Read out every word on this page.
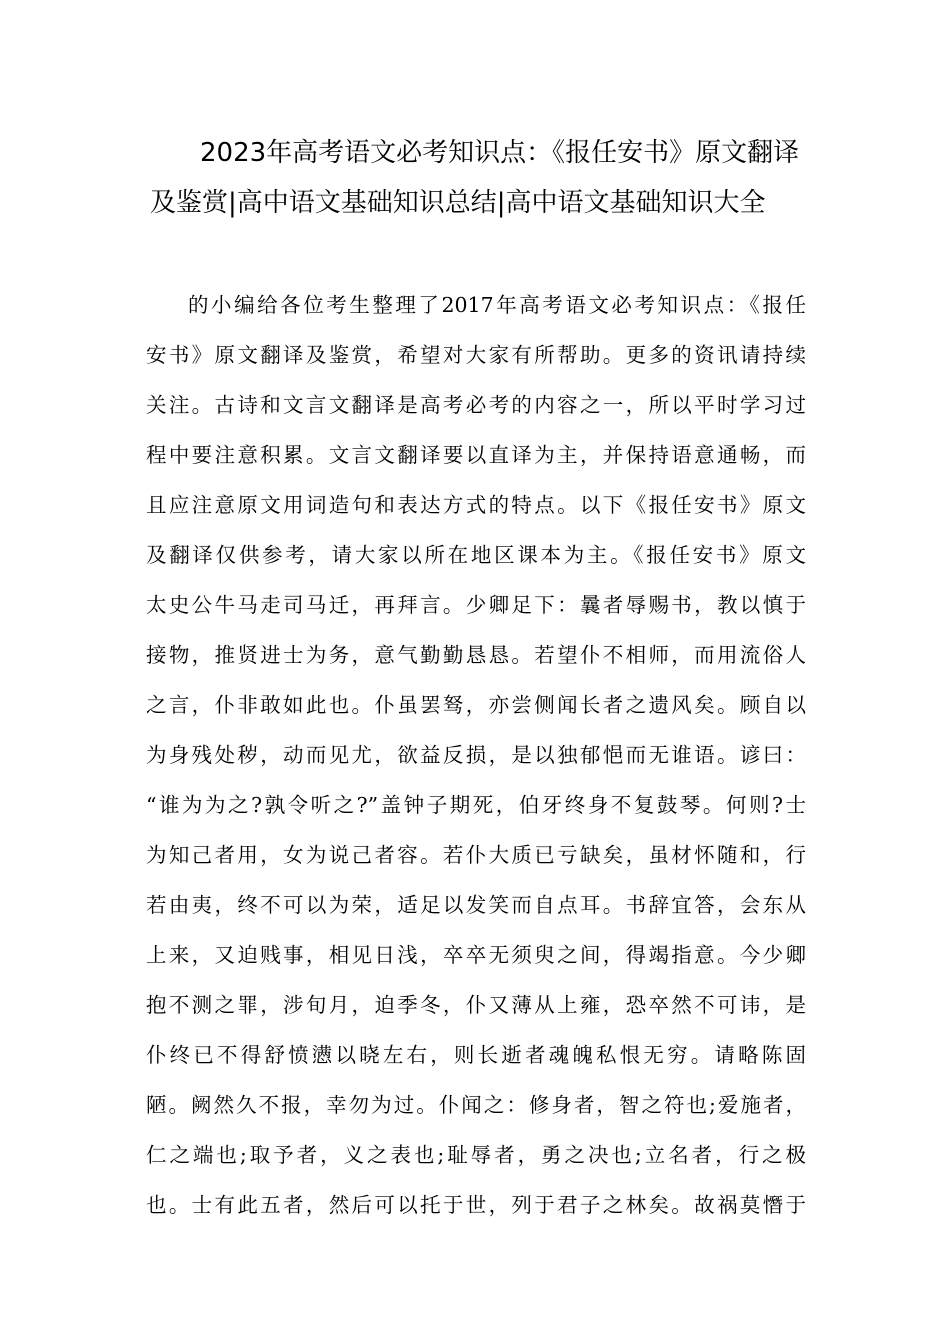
2023年高考语文必考知识点：《报任安书》原文翻译及鉴赏|高中语文基础知识总结|高中语文基础知识大全
的小编给各位考生整理了2017年高考语文必考知识点：《报任
安书》原文翻译及鉴赏，希望对大家有所帮助。更多的资讯请持续
关注。古诗和文言文翻译是高考必考的内容之一，所以平时学习过
程中要注意积累。文言文翻译要以直译为主，并保持语意通畅，而
且应注意原文用词造句和表达方式的特点。以下《报任安书》原文
及翻译仅供参考，请大家以所在地区课本为主。《报任安书》原文
太史公牛马走司马迁，再拜言。少卿足下：曩者辱赐书，教以慎于
接物，推贤进士为务，意气勤勤恳恳。若望仆不相师，而用流俗人
之言，仆非敢如此也。仆虽罢驽，亦尝侧闻长者之遗风矣。顾自以
为身残处秽，动而见尤，欲益反损，是以独郁悒而无谁语。谚曰：
“谁为为之?孰令听之?”盖钟子期死，伯牙终身不复鼓琴。何则?士
为知己者用，女为说己者容。若仆大质已亏缺矣，虽材怀随和，行
若由夷，终不可以为荣，适足以发笑而自点耳。书辞宜答，会东从
上来，又迫贱事，相见日浅，卒卒无须臾之间，得竭指意。今少卿
抱不测之罪，涉旬月，迫季冬，仆又薄从上雍，恐卒然不可讳，是
仆终已不得舒愤懑以晓左右，则长逝者魂魄私恨无穷。请略陈固
陋。阙然久不报，幸勿为过。仆闻之：修身者，智之符也;爱施者，
仁之端也;取予者，义之表也;耻辱者，勇之决也;立名者，行之极
也。士有此五者，然后可以托于世，列于君子之林矣。故祸莫憯于
